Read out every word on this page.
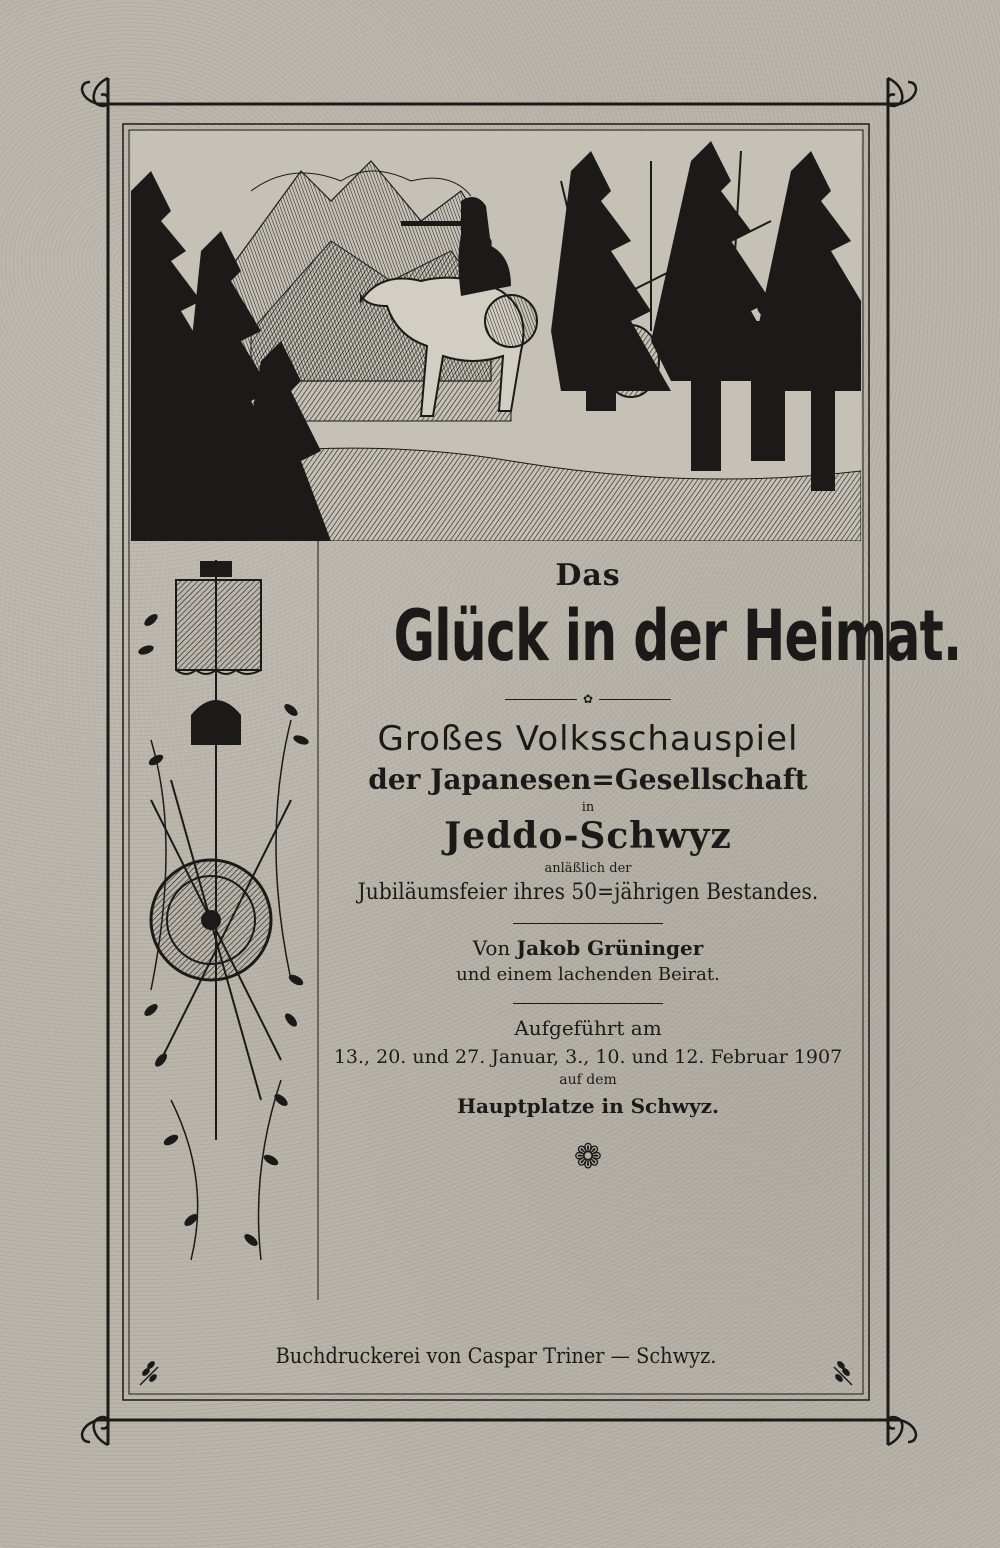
Das
Glück in der Heimat.
✿
Großes Volksschauspiel
der Japanesen=Gesellschaft
in
Jeddo-Schwyz
anläßlich der
Jubiläumsfeier ihres 50=jährigen Bestandes.
Von Jakob Grüninger
und einem lachenden Beirat.
Aufgeführt am
13., 20. und 27. Januar, 3., 10. und 12. Februar 1907
auf dem
Hauptplatze in Schwyz.
❁
Buchdruckerei von Caspar Triner — Schwyz.
